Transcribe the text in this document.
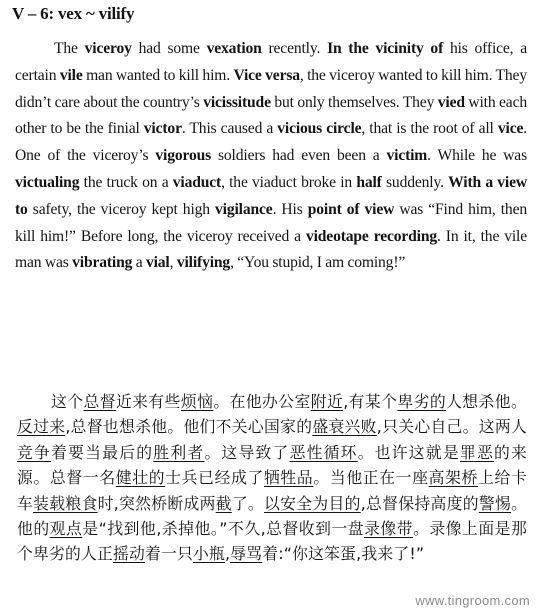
V – 6: vex ~ vilify
The viceroy had some vexation recently. In the vicinity of his office, a certain vile man wanted to kill him. Vice versa, the viceroy wanted to kill him. They didn’t care about the country’s vicissitude but only themselves. They vied with each other to be the finial victor. This caused a vicious circle, that is the root of all vice. One of the viceroy’s vigorous soldiers had even been a victim. While he was victualing the truck on a viaduct, the viaduct broke in half suddenly. With a view to safety, the viceroy kept high vigilance. His point of view was “Find him, then kill him!” Before long, the viceroy received a videotape recording. In it, the vile man was vibrating a vial, vilifying, “You stupid, I am coming!”
这个总督近来有些烦恼。在他办公室附近,有某个卑劣的人想杀他。反过来,总督也想杀他。他们不关心国家的盛衰兴败,只关心自己。这两人竞争着要当最后的胜利者。这导致了恶性循环。也许这就是罪恶的来源。总督一名健壮的士兵已经成了牺牲品。当他正在一座高架桥上给卡车装载粮食时,突然桥断成两截了。以安全为目的,总督保持高度的警惕。他的观点是“找到他,杀掉他。”不久,总督收到一盘录像带。录像上面是那个卑劣的人正摇动着一只小瓶,辱骂着:“你这笨蛋,我来了!”
www.tingroom.com
